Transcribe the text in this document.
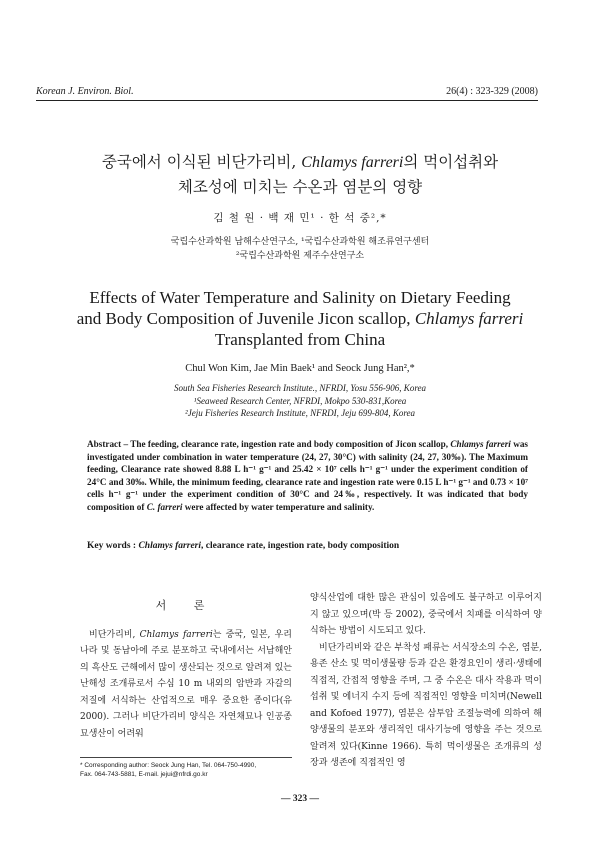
Korean J. Environ. Biol.	26(4) : 323-329 (2008)
중국에서 이식된 비단가리비, Chlamys farreri의 먹이섭취와
체조성에 미치는 수온과 염분의 영향
김 철 원 · 백 재 민¹ · 한 석 중²,*
국립수산과학원 남해수산연구소, ¹국립수산과학원 해조류연구센터
²국립수산과학원 제주수산연구소
Effects of Water Temperature and Salinity on Dietary Feeding
and Body Composition of Juvenile Jicon scallop, Chlamys farreri
Transplanted from China
Chul Won Kim, Jae Min Baek¹ and Seock Jung Han²,*
South Sea Fisheries Research Institute., NFRDI, Yosu 556-906, Korea
¹Seaweed Research Center, NFRDI, Mokpo 530-831,Korea
²Jeju Fisheries Research Institute, NFRDI, Jeju 699-804, Korea
Abstract – The feeding, clearance rate, ingestion rate and body composition of Jicon scallop, Chlamys farreri was investigated under combination in water temperature (24, 27, 30°C) with salinity (24, 27, 30‰). The Maximum feeding, Clearance rate showed 8.88 L h⁻¹ g⁻¹ and 25.42 × 10⁷ cells h⁻¹ g⁻¹ under the experiment condition of 24°C and 30‰. While, the minimum feeding, clearance rate and ingestion rate were 0.15 L h⁻¹ g⁻¹ and 0.73 × 10⁷ cells h⁻¹ g⁻¹ under the experiment condition of 30°C and 24‰, respectively. It was indicated that body composition of C. farreri were affected by water temperature and salinity.
Key words : Chlamys farreri, clearance rate, ingestion rate, body composition
서 론

비단가리비, Chlamys farreri는 중국, 일본, 우리나라 및 동남아에 주로 분포하고 국내에서는 서남해안의 흑산도 근해에서 많이 생산되는 것으로 알려져 있는 난해성 조개류로서 수심 10 m 내외의 암반과 자갈의 저질에 서식하는 산업적으로 매우 중요한 종이다(유 2000). 그러나 비단가리비 양식은 자연채묘나 인공종묘생산이 어려워

양식산업에 대한 많은 관심이 있음에도 불구하고 이루어지지 않고 있으며(박 등 2002), 중국에서 치패를 이식하여 양식하는 방법이 시도되고 있다.

비단가리비와 같은 부착성 패류는 서식장소의 수온, 염분, 용존 산소 및 먹이생물량 등과 같은 환경요인이 생리·생태에 직접적, 간접적 영향을 주며, 그 중 수온은 대사 작용과 먹이 섭취 및 에너지 수지 등에 직접적인 영향을 미치며(Newell and Kofoed 1977), 염분은 삼투압 조절능력에 의하여 해양생물의 분포와 생리적인 대사기능에 영향을 주는 것으로 알려져 있다(Kinne 1966). 특히 먹이생물은 조개류의 성장과 생존에 직접적인 영

* Corresponding author: Seock Jung Han, Tel. 064-750-4990,
Fax. 064-743-5881, E-mail. jejui@nfrdi.go.kr
— 323 —
